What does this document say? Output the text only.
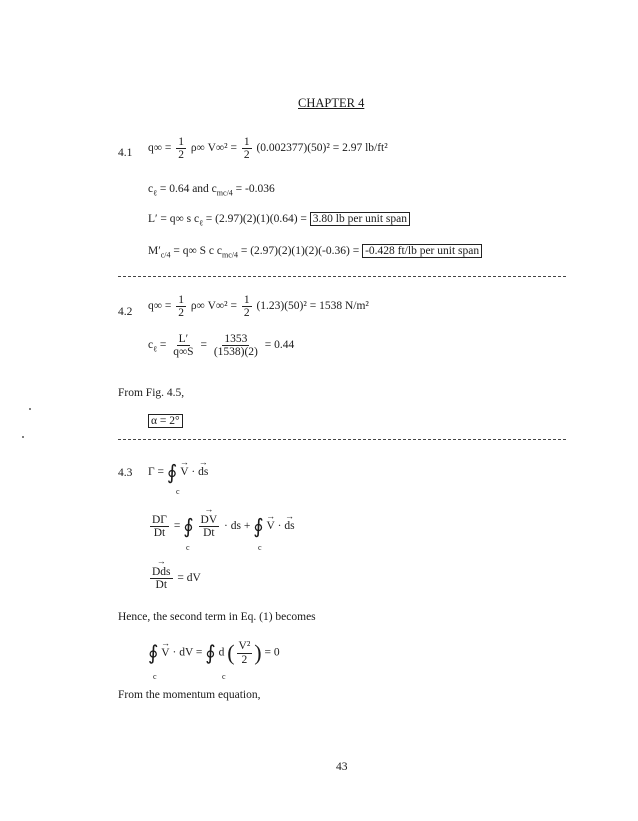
CHAPTER 4
4.1 $q\infty = \frac{1}{2} \rho\infty$ $V\infty^2 = \frac{1}{2} (0.002377)(50)^2 = 2.97$ lb/ft²
$c_\ell = 0.64$ and $c_{mc/4} = -0.036$
L′ = q∞ s $c_\ell = (2.97)(2)(1)(0.64) = 3.80$ lb per unit span
$M'_{c/4} = q\infty$ S c $c_{mc/4} = (2.97)(2)(1)(2)(-0.36) = -0.428$ ft/lb per unit span
4.2 $q\infty = \frac{1}{2} \rho\infty$ $V\infty^2 = \frac{1}{2} (1.23)(50)^2 = 1538$ N/m²
$c_\ell = \frac{L'}{q\infty S} = \frac{1353}{(1538)(2)} = 0.44$
From Fig. 4.5,
α = 2°
4.3 Γ = ∮ → V · → ds
c
$\frac{D\Gamma}{Dt}$ = ∮ → $\frac{DV}{Dt}$ · ds + ∮ → V · → ds
c	c
→ $\frac{\text{Dds}}{Dt}$ = dV
Hence, the second term in Eq. (1) becomes
∮ → V · dV = ∮ d ( $\frac{\text{V²}}{2}$ ) = 0
c	c
From the momentum equation,
43
